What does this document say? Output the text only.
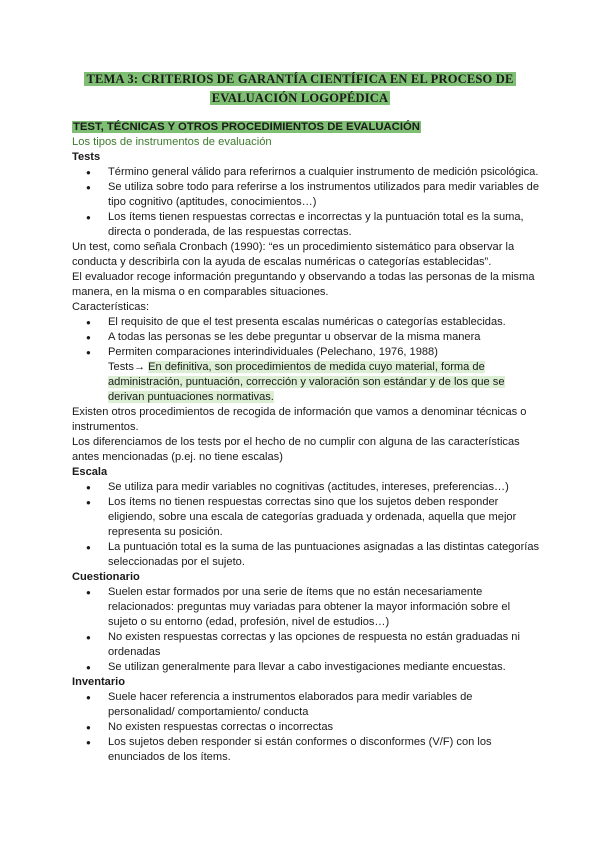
TEMA 3: CRITERIOS DE GARANTÍA CIENTÍFICA EN EL PROCESO DE
EVALUACIÓN LOGOPÉDICA

TEST, TÉCNICAS Y OTROS PROCEDIMIENTOS DE EVALUACIÓN

Los tipos de instrumentos de evaluación

Tests

● Término general válido para referirnos a cualquier instrumento de medición psicológica.
● Se utiliza sobre todo para referirse a los instrumentos utilizados para medir variables de tipo cognitivo (aptitudes, conocimientos…)
● Los ítems tienen respuestas correctas e incorrectas y la puntuación total es la suma, directa o ponderada, de las respuestas correctas.

Un test, como señala Cronbach (1990): “es un procedimiento sistemático para observar la conducta y describirla con la ayuda de escalas numéricas o categorías establecidas”.

El evaluador recoge información preguntando y observando a todas las personas de la misma manera, en la misma o en comparables situaciones.

Características:

● El requisito de que el test presenta escalas numéricas o categorías establecidas.
● A todas las personas se les debe preguntar u observar de la misma manera
● Permiten comparaciones interindividuales (Pelechano, 1976, 1988)

Tests→ En definitiva, son procedimientos de medida cuyo material, forma de administración, puntuación, corrección y valoración son estándar y de los que se derivan puntuaciones normativas.

Existen otros procedimientos de recogida de información que vamos a denominar técnicas o instrumentos.

Los diferenciamos de los tests por el hecho de no cumplir con alguna de las características antes mencionadas (p.ej. no tiene escalas)

Escala

● Se utiliza para medir variables no cognitivas (actitudes, intereses, preferencias…)
● Los ítems no tienen respuestas correctas sino que los sujetos deben responder eligiendo, sobre una escala de categorías graduada y ordenada, aquella que mejor representa su posición.
● La puntuación total es la suma de las puntuaciones asignadas a las distintas categorías seleccionadas por el sujeto.

Cuestionario

● Suelen estar formados por una serie de ítems que no están necesariamente relacionados: preguntas muy variadas para obtener la mayor información sobre el sujeto o su entorno (edad, profesión, nivel de estudios…)
● No existen respuestas correctas y las opciones de respuesta no están graduadas ni ordenadas
● Se utilizan generalmente para llevar a cabo investigaciones mediante encuestas.

Inventario

● Suele hacer referencia a instrumentos elaborados para medir variables de personalidad/ comportamiento/ conducta
● No existen respuestas correctas o incorrectas
● Los sujetos deben responder si están conformes o disconformes (V/F) con los enunciados de los ítems.
